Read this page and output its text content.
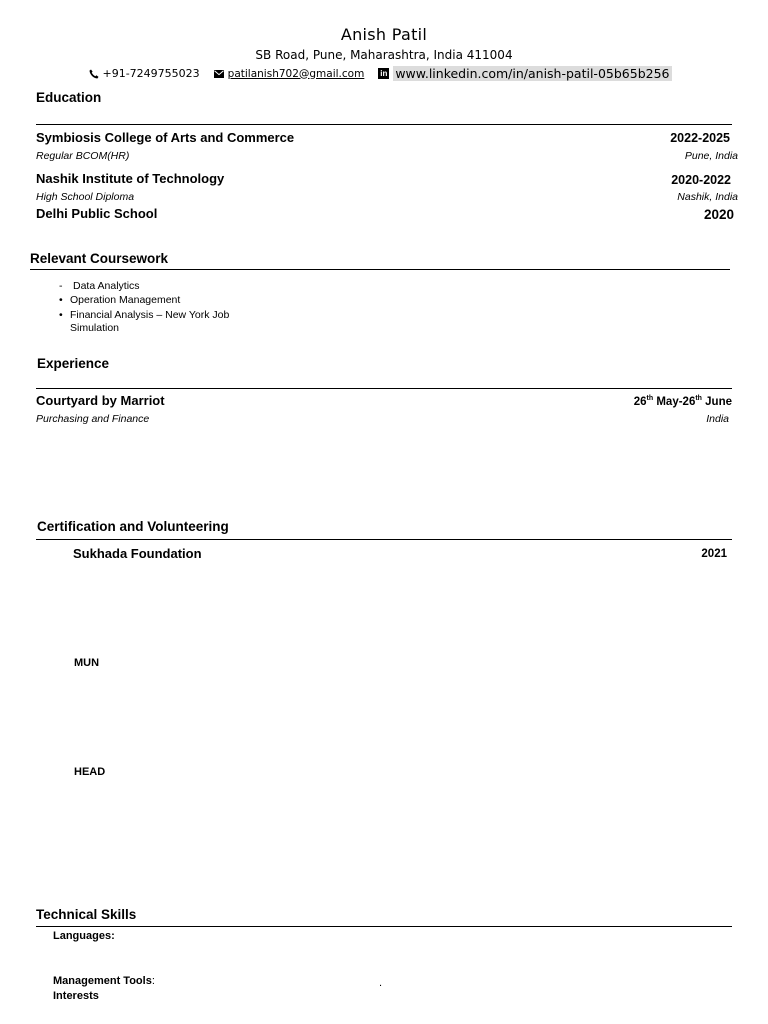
Anish Patil
SB Road, Pune, Maharashtra, India 411004
+91-7249755023	patilanish702@gmail.com in www.linkedin.com/in/anish-patil-05b65b256
Education
Symbiosis College of Arts and Commerce	2022-2025
Regular BCOM(HR)	Pune, India
Nashik Institute of Technology	2020-2022
High School Diploma	Nashik, India
Delhi Public School	2020
Relevant Coursework
- Data Analytics
• Operation Management
• Financial Analysis – New York Job
Simulation
Experience
Courtyard by Marriot	26th May-26th June
Purchasing and Finance	India
Certification and Volunteering
Sukhada Foundation	2021
MUN
HEAD
Technical Skills
Languages:
Management Tools:	.
Interests
